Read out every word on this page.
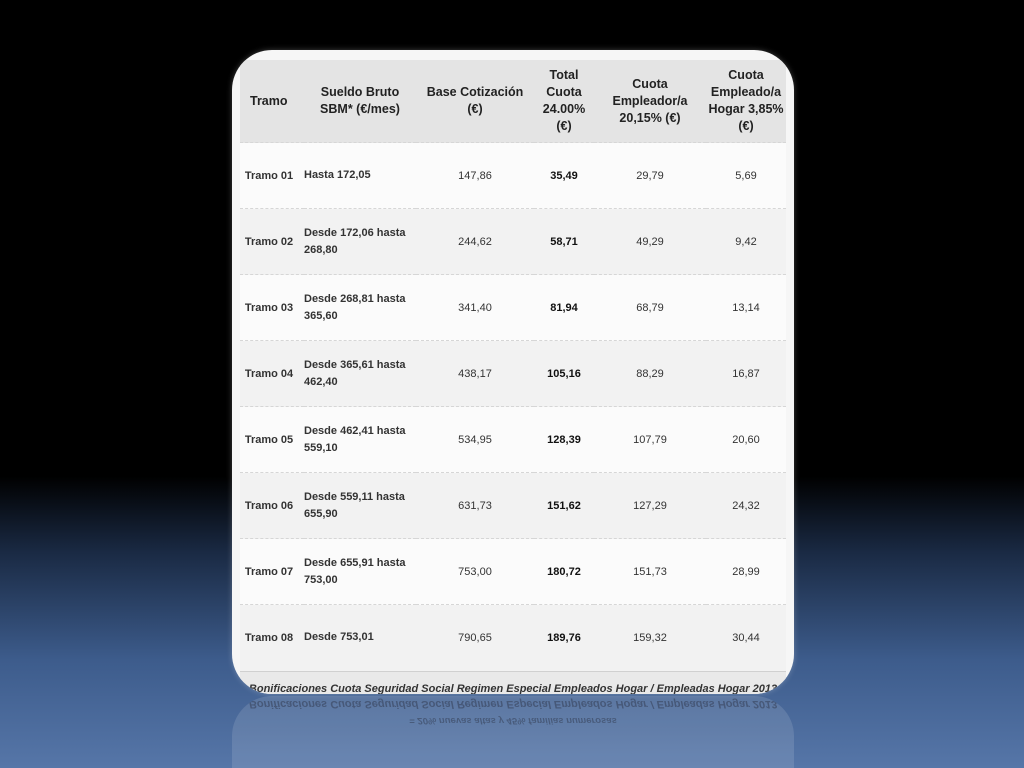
Tramo	Sueldo Bruto SBM* (€/mes)	Base Cotización (€)	Total Cuota 24.00% (€)	Cuota Empleador/a 20,15% (€)	Cuota Empleado/a Hogar 3,85% (€)
Tramo 01	Hasta 172,05	147,86	35,49	29,79	5,69
Tramo 02	Desde 172,06 hasta 268,80	244,62	58,71	49,29	9,42
Tramo 03	Desde 268,81 hasta 365,60	341,40	81,94	68,79	13,14
Tramo 04	Desde 365,61 hasta 462,40	438,17	105,16	88,29	16,87
Tramo 05	Desde 462,41 hasta 559,10	534,95	128,39	107,79	20,60
Tramo 06	Desde 559,11 hasta 655,90	631,73	151,62	127,29	24,32
Tramo 07	Desde 655,91 hasta 753,00	753,00	180,72	151,73	28,99
Tramo 08	Desde 753,01	790,65	189,76	159,32	30,44
Bonificaciones Cuota Seguridad Social Regimen Especial Empleados Hogar / Empleadas Hogar 2013
= 20% nuevas altas y 45% familias numerosas
Bonificaciones Cuota Seguridad Social Regimen Especial Empleados Hogar / Empleadas Hogar 2013
